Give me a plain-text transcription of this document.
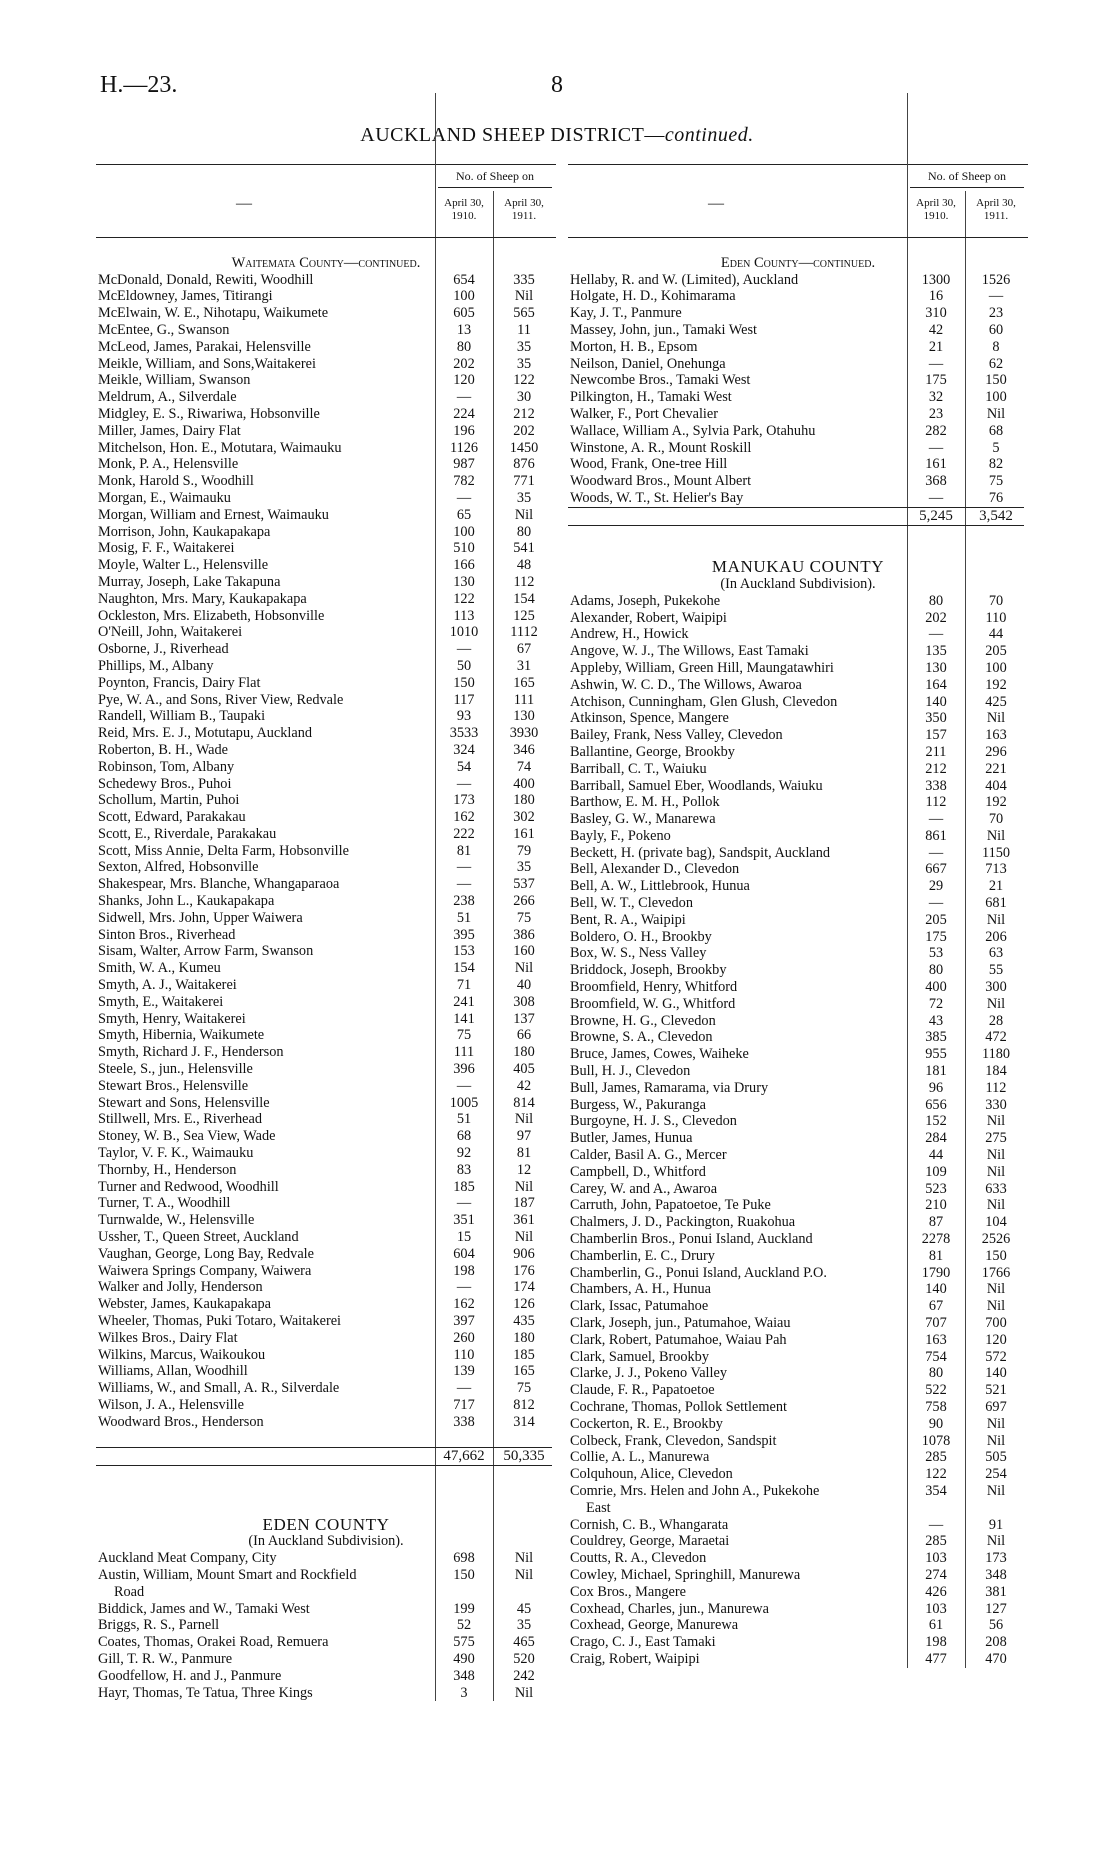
H.—23.	8
AUCKLAND SHEEP DISTRICT—continued.
—
No. of Sheep on
April 30, 1910.
April 30, 1911.
Waitemata County—continued.
McDonald, Donald, Rewiti, Woodhill	654	335
McEldowney, James, Titirangi	100	Nil
McElwain, W. E., Nihotapu, Waikumete	605	565
McEntee, G., Swanson	13	11
McLeod, James, Parakai, Helensville	80	35
Meikle, William, and Sons,Waitakerei	202	35
Meikle, William, Swanson	120	122
Meldrum, A., Silverdale	—	30
Midgley, E. S., Riwariwa, Hobsonville	224	212
Miller, James, Dairy Flat	196	202
Mitchelson, Hon. E., Motutara, Waimauku	1126	1450
Monk, P. A., Helensville	987	876
Monk, Harold S., Woodhill	782	771
Morgan, E., Waimauku	—	35
Morgan, William and Ernest, Waimauku	65	Nil
Morrison, John, Kaukapakapa	100	80
Mosig, F. F., Waitakerei	510	541
Moyle, Walter L., Helensville	166	48
Murray, Joseph, Lake Takapuna	130	112
Naughton, Mrs. Mary, Kaukapakapa	122	154
Ockleston, Mrs. Elizabeth, Hobsonville	113	125
O'Neill, John, Waitakerei	1010	1112
Osborne, J., Riverhead	—	67
Phillips, M., Albany	50	31
Poynton, Francis, Dairy Flat	150	165
Pye, W. A., and Sons, River View, Redvale	117	111
Randell, William B., Taupaki	93	130
Reid, Mrs. E. J., Motutapu, Auckland	3533	3930
Roberton, B. H., Wade	324	346
Robinson, Tom, Albany	54	74
Schedewy Bros., Puhoi	—	400
Schollum, Martin, Puhoi	173	180
Scott, Edward, Parakakau	162	302
Scott, E., Riverdale, Parakakau	222	161
Scott, Miss Annie, Delta Farm, Hobsonville	81	79
Sexton, Alfred, Hobsonville	—	35
Shakespear, Mrs. Blanche, Whangaparaoa	—	537
Shanks, John L., Kaukapakapa	238	266
Sidwell, Mrs. John, Upper Waiwera	51	75
Sinton Bros., Riverhead	395	386
Sisam, Walter, Arrow Farm, Swanson	153	160
Smith, W. A., Kumeu	154	Nil
Smyth, A. J., Waitakerei	71	40
Smyth, E., Waitakerei	241	308
Smyth, Henry, Waitakerei	141	137
Smyth, Hibernia, Waikumete	75	66
Smyth, Richard J. F., Henderson	111	180
Steele, S., jun., Helensville	396	405
Stewart Bros., Helensville	—	42
Stewart and Sons, Helensville	1005	814
Stillwell, Mrs. E., Riverhead	51	Nil
Stoney, W. B., Sea View, Wade	68	97
Taylor, V. F. K., Waimauku	92	81
Thornby, H., Henderson	83	12
Turner and Redwood, Woodhill	185	Nil
Turner, T. A., Woodhill	—	187
Turnwalde, W., Helensville	351	361
Ussher, T., Queen Street, Auckland	15	Nil
Vaughan, George, Long Bay, Redvale	604	906
Waiwera Springs Company, Waiwera	198	176
Walker and Jolly, Henderson	—	174
Webster, James, Kaukapakapa	162	126
Wheeler, Thomas, Puki Totaro, Waitakerei	397	435
Wilkes Bros., Dairy Flat	260	180
Wilkins, Marcus, Waikoukou	110	185
Williams, Allan, Woodhill	139	165
Williams, W., and Small, A. R., Silverdale	—	75
Wilson, J. A., Helensville	717	812
Woodward Bros., Henderson	338	314
47,662	50,335
EDEN COUNTY
(In Auckland Subdivision).
Auckland Meat Company, City	698	Nil
Austin, William, Mount Smart and Rockfield	150	Nil
Road
Biddick, James and W., Tamaki West	199	45
Briggs, R. S., Parnell	52	35
Coates, Thomas, Orakei Road, Remuera	575	465
Gill, T. R. W., Panmure	490	520
Goodfellow, H. and J., Panmure	348	242
Hayr, Thomas, Te Tatua, Three Kings	3	Nil
—
No. of Sheep on
April 30, 1910.
April 30, 1911.
Eden County—continued.
Hellaby, R. and W. (Limited), Auckland	1300	1526
Holgate, H. D., Kohimarama	16	—
Kay, J. T., Panmure	310	23
Massey, John, jun., Tamaki West	42	60
Morton, H. B., Epsom	21	8
Neilson, Daniel, Onehunga	—	62
Newcombe Bros., Tamaki West	175	150
Pilkington, H., Tamaki West	32	100
Walker, F., Port Chevalier	23	Nil
Wallace, William A., Sylvia Park, Otahuhu	282	68
Winstone, A. R., Mount Roskill	—	5
Wood, Frank, One-tree Hill	161	82
Woodward Bros., Mount Albert	368	75
Woods, W. T., St. Helier's Bay	—	76
5,245	3,542
MANUKAU COUNTY
(In Auckland Subdivision).
Adams, Joseph, Pukekohe	80	70
Alexander, Robert, Waipipi	202	110
Andrew, H., Howick	—	44
Angove, W. J., The Willows, East Tamaki	135	205
Appleby, William, Green Hill, Maungatawhiri	130	100
Ashwin, W. C. D., The Willows, Awaroa	164	192
Atchison, Cunningham, Glen Glush, Clevedon	140	425
Atkinson, Spence, Mangere	350	Nil
Bailey, Frank, Ness Valley, Clevedon	157	163
Ballantine, George, Brookby	211	296
Barriball, C. T., Waiuku	212	221
Barriball, Samuel Eber, Woodlands, Waiuku	338	404
Barthow, E. M. H., Pollok	112	192
Basley, G. W., Manarewa	—	70
Bayly, F., Pokeno	861	Nil
Beckett, H. (private bag), Sandspit, Auckland	—	1150
Bell, Alexander D., Clevedon	667	713
Bell, A. W., Littlebrook, Hunua	29	21
Bell, W. T., Clevedon	—	681
Bent, R. A., Waipipi	205	Nil
Boldero, O. H., Brookby	175	206
Box, W. S., Ness Valley	53	63
Briddock, Joseph, Brookby	80	55
Broomfield, Henry, Whitford	400	300
Broomfield, W. G., Whitford	72	Nil
Browne, H. G., Clevedon	43	28
Browne, S. A., Clevedon	385	472
Bruce, James, Cowes, Waiheke	955	1180
Bull, H. J., Clevedon	181	184
Bull, James, Ramarama, via Drury	96	112
Burgess, W., Pakuranga	656	330
Burgoyne, H. J. S., Clevedon	152	Nil
Butler, James, Hunua	284	275
Calder, Basil A. G., Mercer	44	Nil
Campbell, D., Whitford	109	Nil
Carey, W. and A., Awaroa	523	633
Carruth, John, Papatoetoe, Te Puke	210	Nil
Chalmers, J. D., Packington, Ruakohua	87	104
Chamberlin Bros., Ponui Island, Auckland	2278	2526
Chamberlin, E. C., Drury	81	150
Chamberlin, G., Ponui Island, Auckland P.O.	1790	1766
Chambers, A. H., Hunua	140	Nil
Clark, Issac, Patumahoe	67	Nil
Clark, Joseph, jun., Patumahoe, Waiau	707	700
Clark, Robert, Patumahoe, Waiau Pah	163	120
Clark, Samuel, Brookby	754	572
Clarke, J. J., Pokeno Valley	80	140
Claude, F. R., Papatoetoe	522	521
Cochrane, Thomas, Pollok Settlement	758	697
Cockerton, R. E., Brookby	90	Nil
Colbeck, Frank, Clevedon, Sandspit	1078	Nil
Collie, A. L., Manurewa	285	505
Colquhoun, Alice, Clevedon	122	254
Comrie, Mrs. Helen and John A., Pukekohe	354	Nil
East
Cornish, C. B., Whangarata	—	91
Couldrey, George, Maraetai	285	Nil
Coutts, R. A., Clevedon	103	173
Cowley, Michael, Springhill, Manurewa	274	348
Cox Bros., Mangere	426	381
Coxhead, Charles, jun., Manurewa	103	127
Coxhead, George, Manurewa	61	56
Crago, C. J., East Tamaki	198	208
Craig, Robert, Waipipi	477	470
